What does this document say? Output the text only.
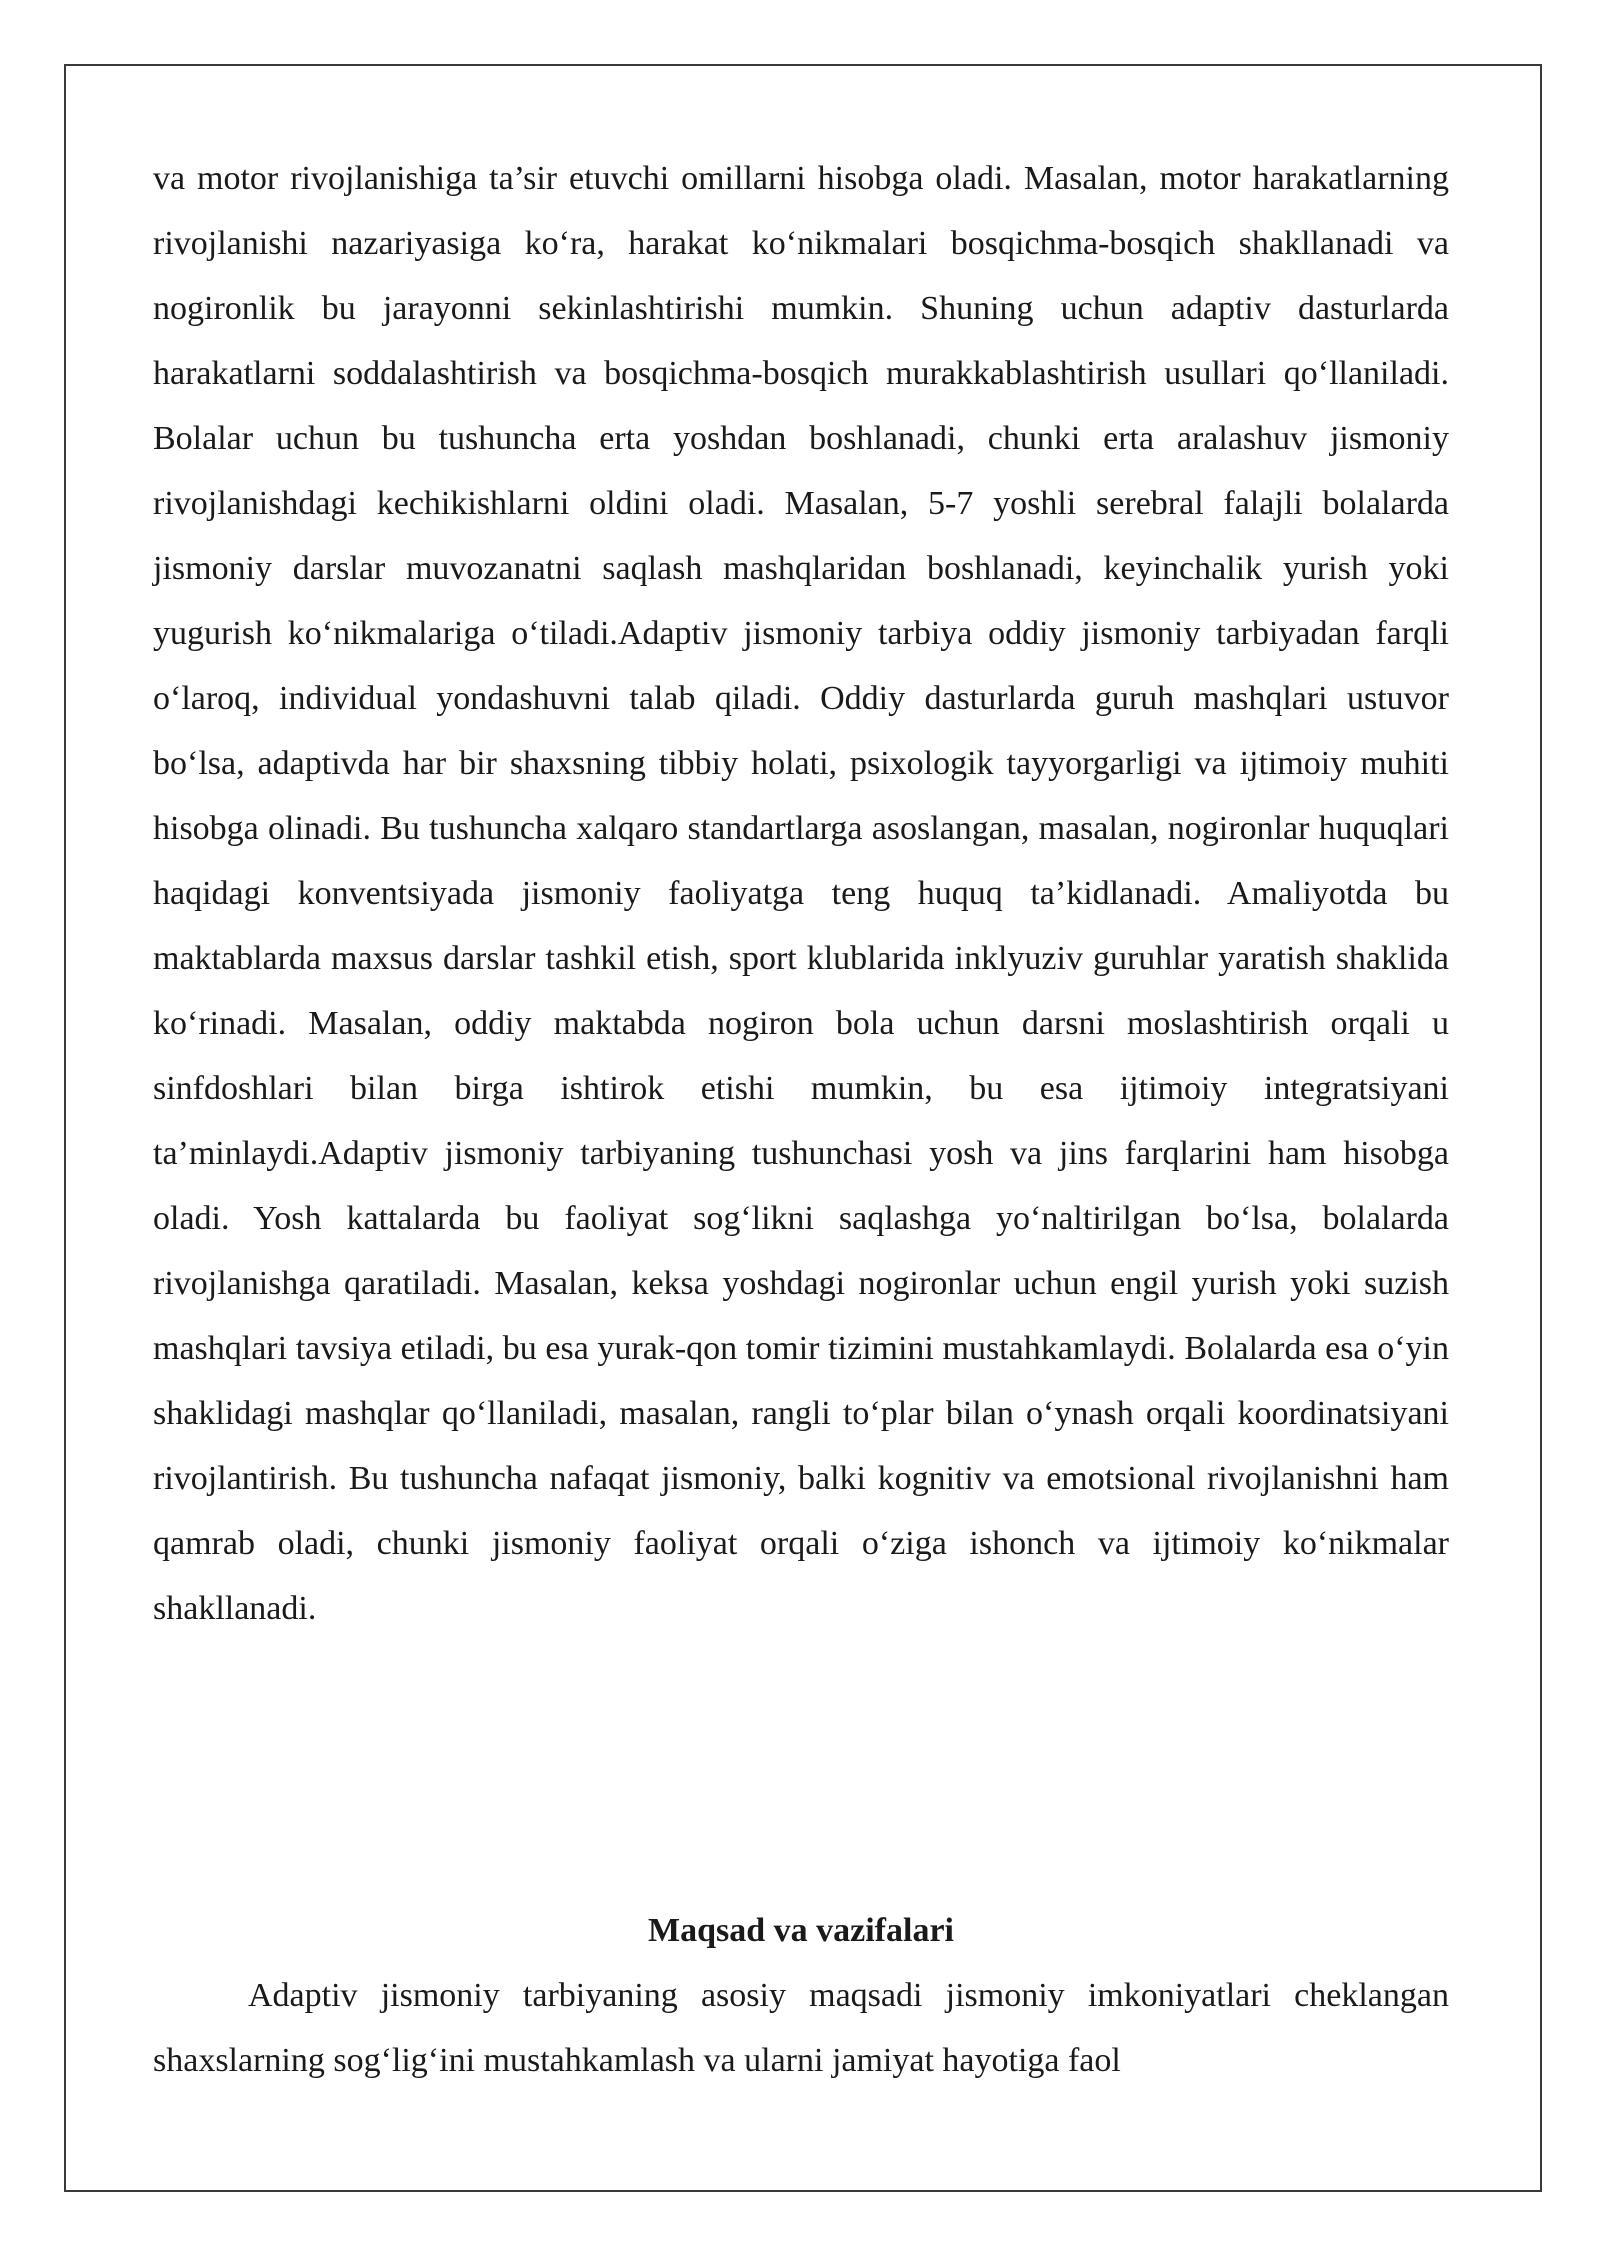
va motor rivojlanishiga ta’sir etuvchi omillarni hisobga oladi. Masalan, motor harakatlarning rivojlanishi nazariyasiga ko‘ra, harakat ko‘nikmalari bosqichma-bosqich shakllanadi va nogironlik bu jarayonni sekinlashtirishi mumkin. Shuning uchun adaptiv dasturlarda harakatlarni soddalashtirish va bosqichma-bosqich murakkablashtirish usullari qo‘llaniladi. Bolalar uchun bu tushuncha erta yoshdan boshlanadi, chunki erta aralashuv jismoniy rivojlanishdagi kechikishlarni oldini oladi. Masalan, 5-7 yoshli serebral falajli bolalarda jismoniy darslar muvozanatni saqlash mashqlaridan boshlanadi, keyinchalik yurish yoki yugurish ko‘nikmalariga o‘tiladi.Adaptiv jismoniy tarbiya oddiy jismoniy tarbiyadan farqli o‘laroq, individual yondashuvni talab qiladi. Oddiy dasturlarda guruh mashqlari ustuvor bo‘lsa, adaptivda har bir shaxsning tibbiy holati, psixologik tayyorgarligi va ijtimoiy muhiti hisobga olinadi. Bu tushuncha xalqaro standartlarga asoslangan, masalan, nogironlar huquqlari haqidagi konventsiyada jismoniy faoliyatga teng huquq ta’kidlanadi. Amaliyotda bu maktablarda maxsus darslar tashkil etish, sport klublarida inklyuziv guruhlar yaratish shaklida ko‘rinadi. Masalan, oddiy maktabda nogiron bola uchun darsni moslashtirish orqali u sinfdoshlari bilan birga ishtirok etishi mumkin, bu esa ijtimoiy integratsiyani ta’minlaydi.Adaptiv jismoniy tarbiyaning tushunchasi yosh va jins farqlarini ham hisobga oladi. Yosh kattalarda bu faoliyat sog‘likni saqlashga yo‘naltirilgan bo‘lsa, bolalarda rivojlanishga qaratiladi. Masalan, keksa yoshdagi nogironlar uchun engil yurish yoki suzish mashqlari tavsiya etiladi, bu esa yurak-qon tomir tizimini mustahkamlaydi. Bolalarda esa o‘yin shaklidagi mashqlar qo‘llaniladi, masalan, rangli to‘plar bilan o‘ynash orqali koordinatsiyani rivojlantirish. Bu tushuncha nafaqat jismoniy, balki kognitiv va emotsional rivojlanishni ham qamrab oladi, chunki jismoniy faoliyat orqali o‘ziga ishonch va ijtimoiy ko‘nikmalar shakllanadi.

Maqsad va vazifalari

Adaptiv jismoniy tarbiyaning asosiy maqsadi jismoniy imkoniyatlari cheklangan shaxslarning sog‘lig‘ini mustahkamlash va ularni jamiyat hayotiga faol
